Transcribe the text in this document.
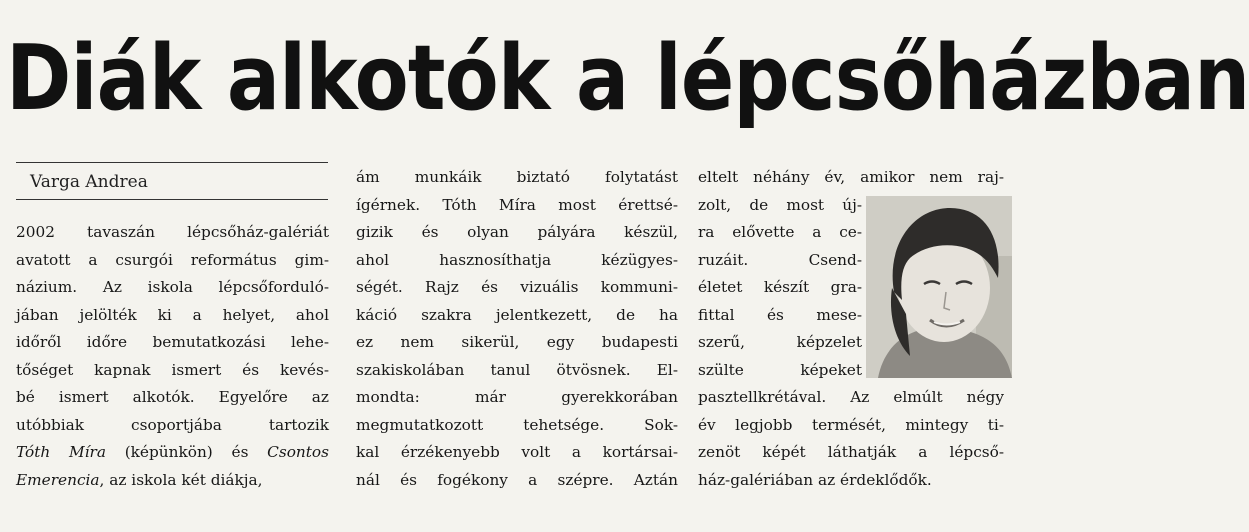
Diák alkotók a lépcsőházban
Varga Andrea
2002 tavaszán lépcsőház-galériát
avatott a csurgói református gim-
názium. Az iskola lépcsőforduló-
jában jelölték ki a helyet, ahol
időről időre bemutatkozási lehe-
tőséget kapnak ismert és kevés-
bé ismert alkotók. Egyelőre az
utóbbiak csoportjába tartozik
Tóth Míra (képünkön) és Csontos
Emerencia, az iskola két diákja,
ám munkáik biztató folytatást
ígérnek. Tóth Míra most érettsé-
gizik és olyan pályára készül,
ahol hasznosíthatja kézügyes-
ségét. Rajz és vizuális kommuni-
káció szakra jelentkezett, de ha
ez nem sikerül, egy budapesti
szakiskolában tanul ötvösnek. El-
mondta: már gyerekkorában
megmutatkozott tehetsége. Sok-
kal érzékenyebb volt a kortársai-
nál és fogékony a szépre. Aztán
eltelt néhány év, amikor nem raj-
zolt, de most új-
ra elővette a ce-
ruzáit. Csend-
életet készít gra-
fittal és mese-
szerű, képzelet
szülte képeket
pasztellkrétával. Az elmúlt négy
év legjobb termését, mintegy ti-
zenöt képét láthatják a lépcső-
ház-galériában az érdeklődők.
